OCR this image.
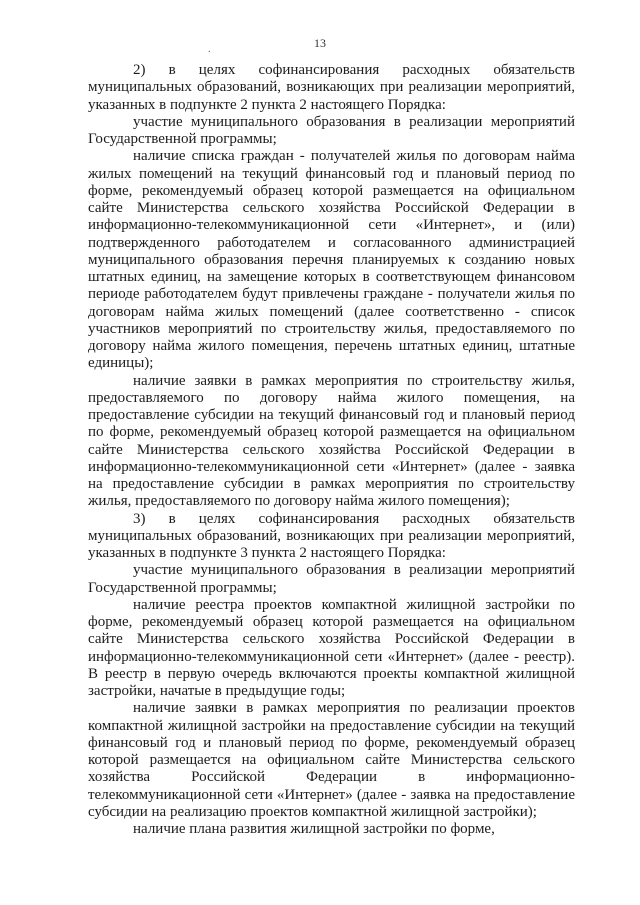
13
.

2) в целях софинансирования расходных обязательств муниципальных образований, возникающих при реализации мероприятий, указанных в подпункте 2 пункта 2 настоящего Порядка:

участие муниципального образования в реализации мероприятий Государственной программы;

наличие списка граждан - получателей жилья по договорам найма жилых помещений на текущий финансовый год и плановый период по форме, рекомендуемый образец которой размещается на официальном сайте Министерства сельского хозяйства Российской Федерации в информационно-телекоммуникационной сети «Интернет», и (или) подтвержденного работодателем и согласованного администрацией муниципального образования перечня планируемых к созданию новых штатных единиц, на замещение которых в соответствующем финансовом периоде работодателем будут привлечены граждане - получатели жилья по договорам найма жилых помещений (далее соответственно - список участников мероприятий по строительству жилья, предоставляемого по договору найма жилого помещения, перечень штатных единиц, штатные единицы);

наличие заявки в рамках мероприятия по строительству жилья, предоставляемого по договору найма жилого помещения, на предоставление субсидии на текущий финансовый год и плановый период по форме, рекомендуемый образец которой размещается на официальном сайте Министерства сельского хозяйства Российской Федерации в информационно-телекоммуникационной сети «Интернет» (далее - заявка на предоставление субсидии в рамках мероприятия по строительству жилья, предоставляемого по договору найма жилого помещения);

3) в целях софинансирования расходных обязательств муниципальных образований, возникающих при реализации мероприятий, указанных в подпункте 3 пункта 2 настоящего Порядка:

участие муниципального образования в реализации мероприятий Государственной программы;

наличие реестра проектов компактной жилищной застройки по форме, рекомендуемый образец которой размещается на официальном сайте Министерства сельского хозяйства Российской Федерации в информационно-телекоммуникационной сети «Интернет» (далее - реестр). В реестр в первую очередь включаются проекты компактной жилищной застройки, начатые в предыдущие годы;

наличие заявки в рамках мероприятия по реализации проектов компактной жилищной застройки на предоставление субсидии на текущий финансовый год и плановый период по форме, рекомендуемый образец которой размещается на официальном сайте Министерства сельского хозяйства Российской Федерации в информационно-телекоммуникационной сети «Интернет» (далее - заявка на предоставление субсидии на реализацию проектов компактной жилищной застройки);

наличие плана развития жилищной застройки по форме,
